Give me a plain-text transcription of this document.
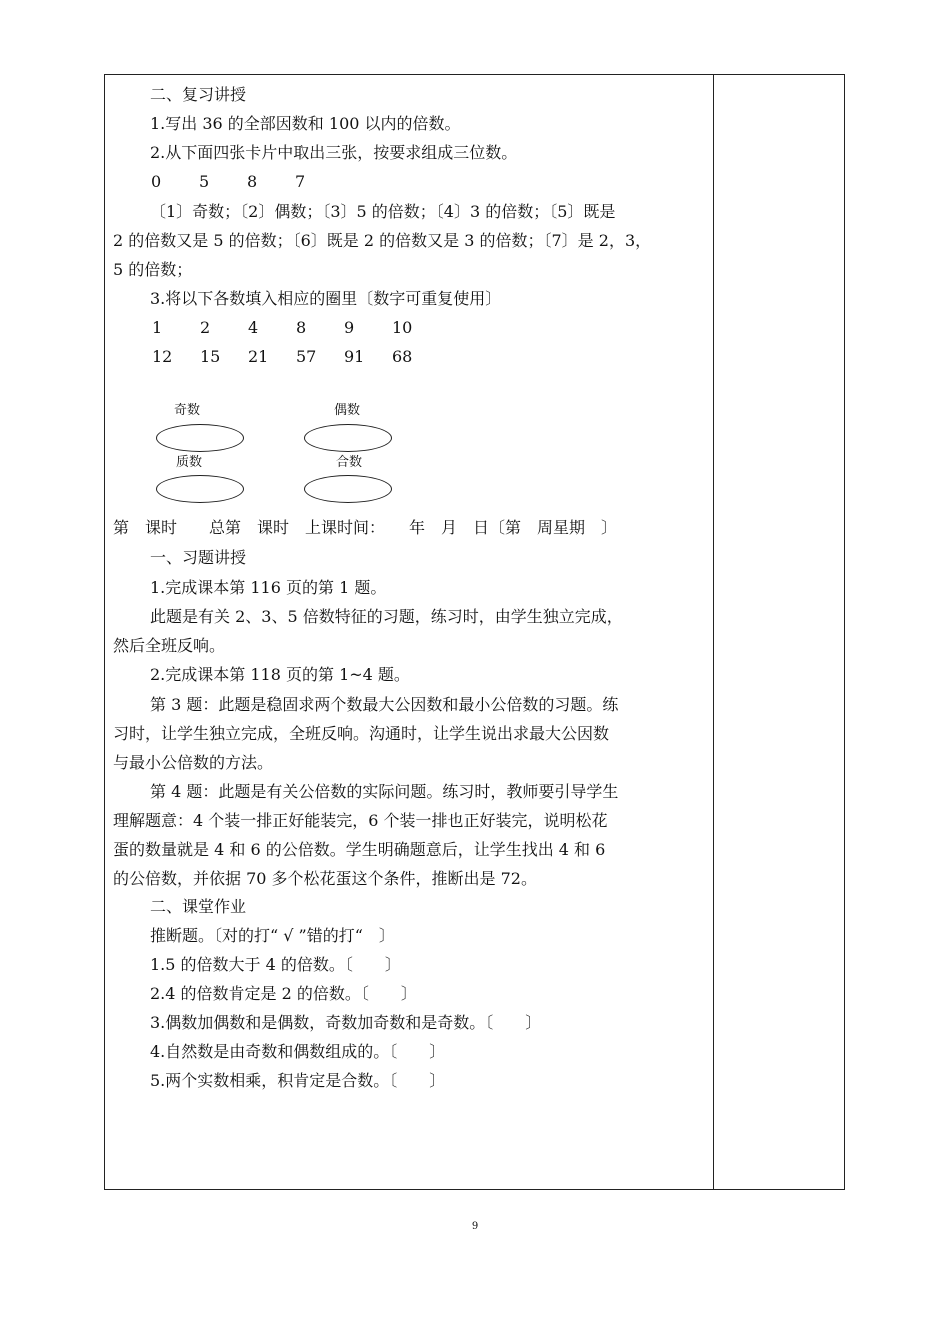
二、复习讲授
1.写出 36 的全部因数和 100 以内的倍数。
2.从下面四张卡片中取出三张，按要求组成三位数。
0 5 8 7
〔1〕奇数；〔2〕偶数；〔3〕5 的倍数；〔4〕3 的倍数；〔5〕既是
2 的倍数又是 5 的倍数；〔6〕既是 2 的倍数又是 3 的倍数；〔7〕是 2，3，
5 的倍数；
3.将以下各数填入相应的圈里〔数字可重复使用〕
1 2 4 8 9 10
12 15 21 57 91 68
奇数	偶数
质数	合数
第　课时　　总第　课时　上课时间：　　年　月　日〔第　周星期　〕
一、习题讲授
1.完成课本第 116 页的第 1 题。
此题是有关 2、3、5 倍数特征的习题，练习时，由学生独立完成，
然后全班反响。
2.完成课本第 118 页的第 1~4 题。
第 3 题：此题是稳固求两个数最大公因数和最小公倍数的习题。练
习时，让学生独立完成，全班反响。沟通时，让学生说出求最大公因数
与最小公倍数的方法。
第 4 题：此题是有关公倍数的实际问题。练习时，教师要引导学生
理解题意：4 个装一排正好能装完，6 个装一排也正好装完，说明松花
蛋的数量就是 4 和 6 的公倍数。学生明确题意后，让学生找出 4 和 6
的公倍数，并依据 70 多个松花蛋这个条件，推断出是 72。
二、课堂作业
推断题。〔对的打“ √ ”错的打“　〕
1.5 的倍数大于 4 的倍数。〔　　〕
2.4 的倍数肯定是 2 的倍数。〔　　〕
3.偶数加偶数和是偶数，奇数加奇数和是奇数。〔　　〕
4.自然数是由奇数和偶数组成的。〔　　〕
5.两个实数相乘，积肯定是合数。〔　　〕
9
